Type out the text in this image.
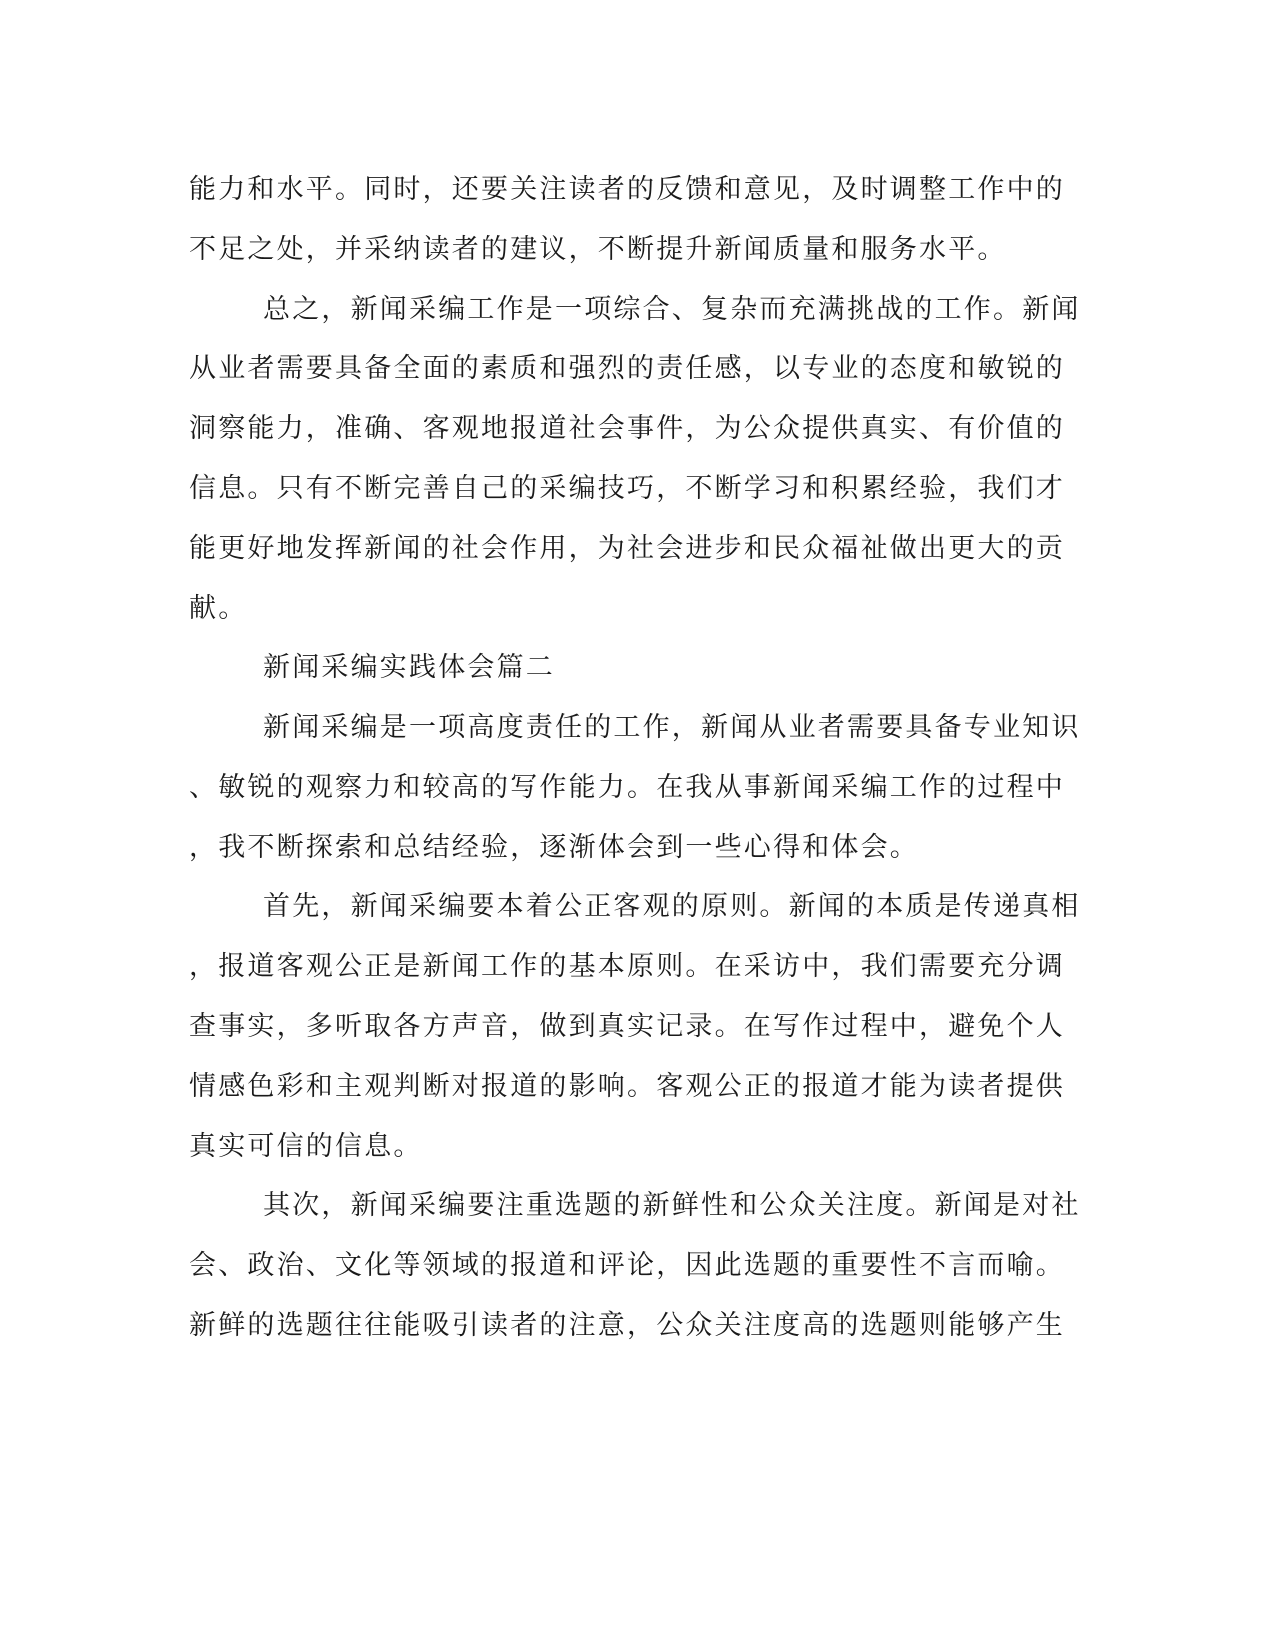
能力和水平。同时，还要关注读者的反馈和意见，及时调整工作中的

不足之处，并采纳读者的建议，不断提升新闻质量和服务水平。

总之，新闻采编工作是一项综合、复杂而充满挑战的工作。新闻

从业者需要具备全面的素质和强烈的责任感，以专业的态度和敏锐的

洞察能力，准确、客观地报道社会事件，为公众提供真实、有价值的

信息。只有不断完善自己的采编技巧，不断学习和积累经验，我们才

能更好地发挥新闻的社会作用，为社会进步和民众福祉做出更大的贡

献。

新闻采编实践体会篇二

新闻采编是一项高度责任的工作，新闻从业者需要具备专业知识

、敏锐的观察力和较高的写作能力。在我从事新闻采编工作的过程中

，我不断探索和总结经验，逐渐体会到一些心得和体会。

首先，新闻采编要本着公正客观的原则。新闻的本质是传递真相

，报道客观公正是新闻工作的基本原则。在采访中，我们需要充分调

查事实，多听取各方声音，做到真实记录。在写作过程中，避免个人

情感色彩和主观判断对报道的影响。客观公正的报道才能为读者提供

真实可信的信息。

其次，新闻采编要注重选题的新鲜性和公众关注度。新闻是对社

会、政治、文化等领域的报道和评论，因此选题的重要性不言而喻。

新鲜的选题往往能吸引读者的注意，公众关注度高的选题则能够产生
